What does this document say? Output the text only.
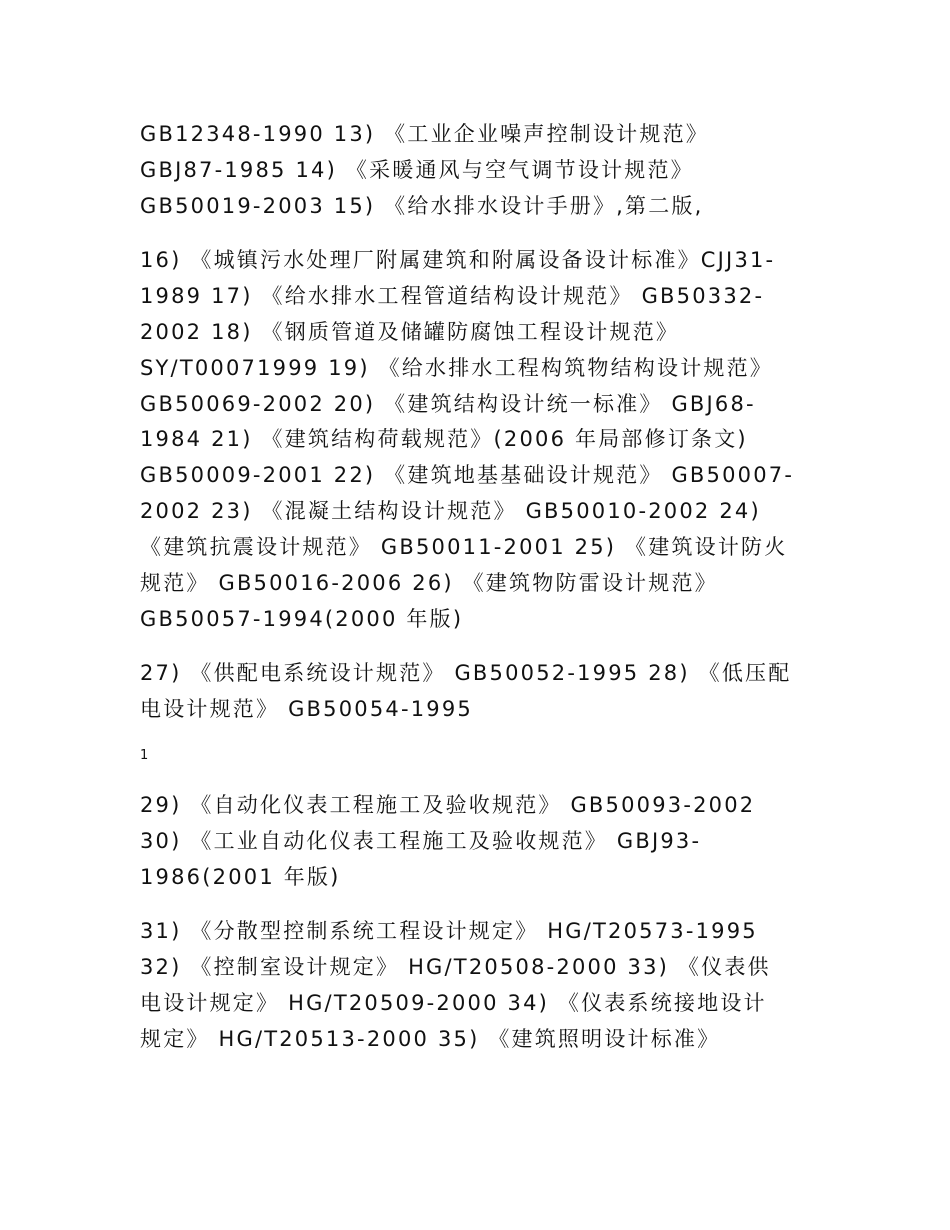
GB12348-1990 13) 《工业企业噪声控制设计规范》
GBJ87-1985 14) 《采暖通风与空气调节设计规范》
GB50019-2003 15) 《给水排水设计手册》,第二版,
16) 《城镇污水处理厂附属建筑和附属设备设计标准》CJJ31-
1989 17) 《给水排水工程管道结构设计规范》 GB50332-
2002 18) 《钢质管道及储罐防腐蚀工程设计规范》
SY/T00071999 19) 《给水排水工程构筑物结构设计规范》
GB50069-2002 20) 《建筑结构设计统一标准》 GBJ68-
1984 21) 《建筑结构荷载规范》(2006 年局部修订条文)
GB50009-2001 22) 《建筑地基基础设计规范》 GB50007-
2002 23) 《混凝土结构设计规范》 GB50010-2002 24)
《建筑抗震设计规范》 GB50011-2001 25) 《建筑设计防火
规范》 GB50016-2006 26) 《建筑物防雷设计规范》
GB50057-1994(2000 年版)
27) 《供配电系统设计规范》 GB50052-1995 28) 《低压配
电设计规范》 GB50054-1995
1
29) 《自动化仪表工程施工及验收规范》 GB50093-2002
30) 《工业自动化仪表工程施工及验收规范》 GBJ93-
1986(2001 年版)
31) 《分散型控制系统工程设计规定》 HG/T20573-1995
32) 《控制室设计规定》 HG/T20508-2000 33) 《仪表供
电设计规定》 HG/T20509-2000 34) 《仪表系统接地设计
规定》 HG/T20513-2000 35) 《建筑照明设计标准》
